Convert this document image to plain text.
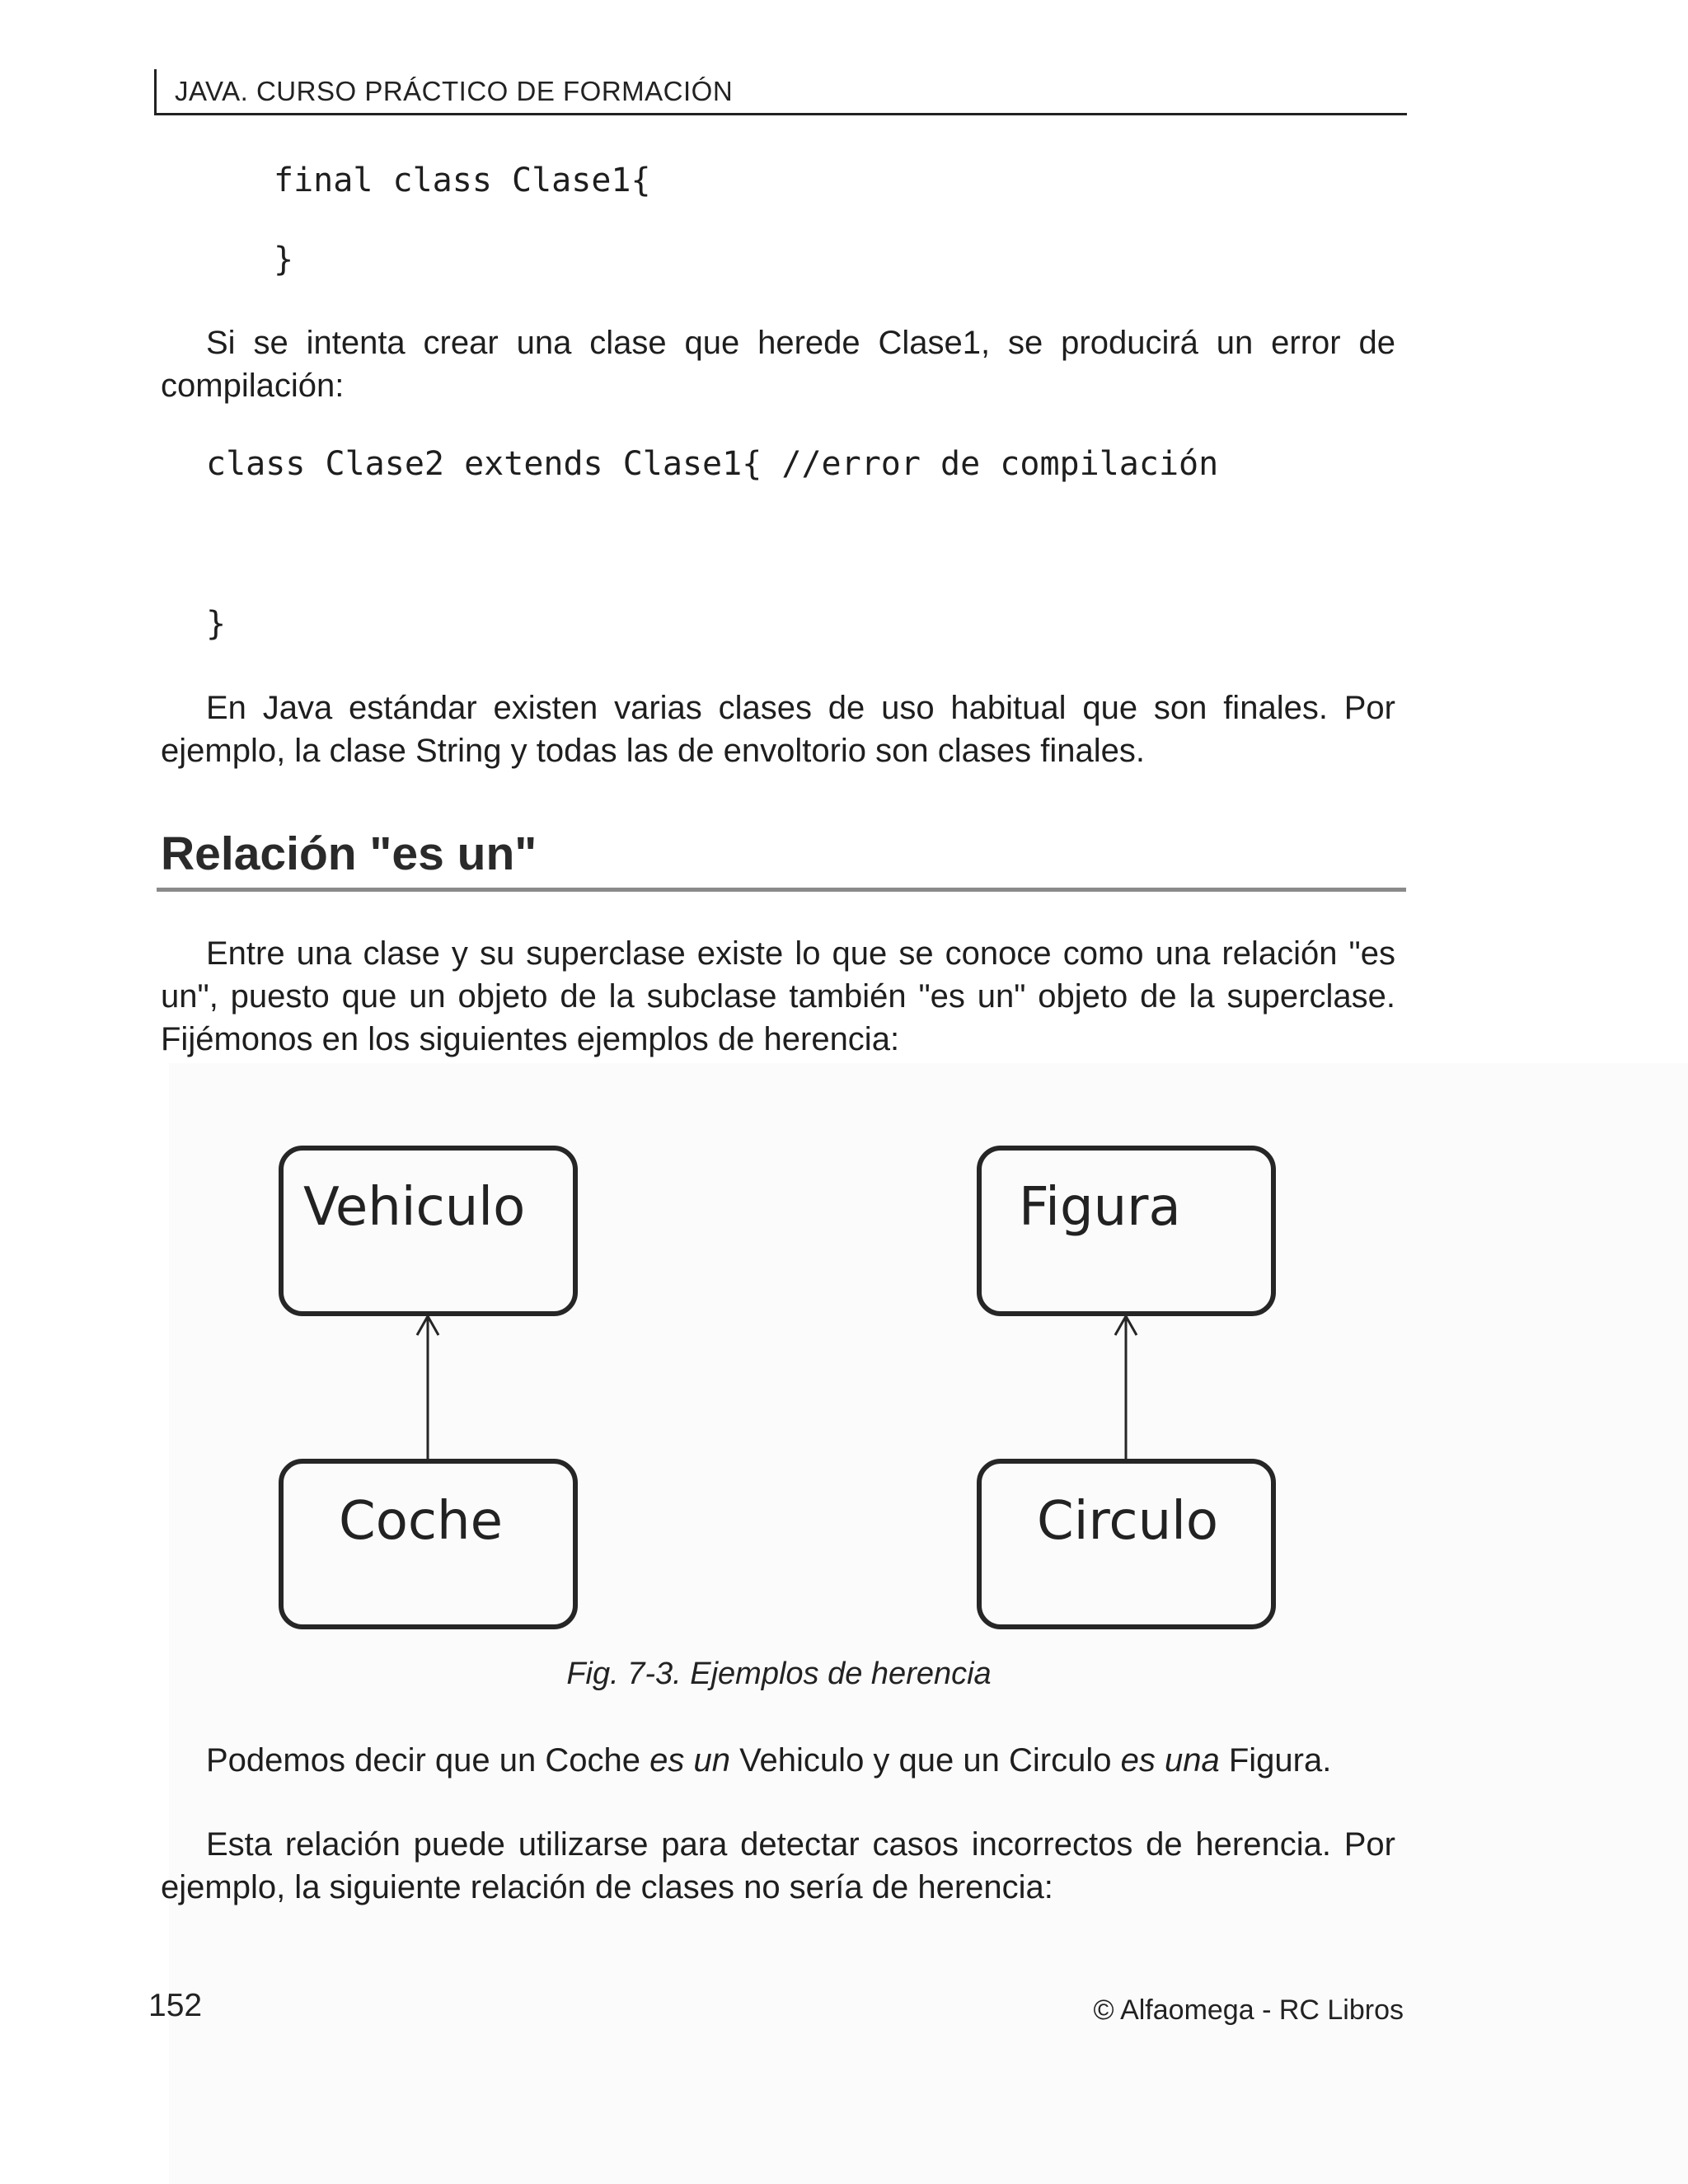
JAVA. CURSO PRÁCTICO DE FORMACIÓN
final class Clase1{
}
Si se intenta crear una clase que herede Clase1, se producirá un error de compilación:
class Clase2 extends Clase1{ //error de compilación
}
En Java estándar existen varias clases de uso habitual que son finales. Por ejemplo, la clase String y todas las de envoltorio son clases finales.
Relación "es un"
Entre una clase y su superclase existe lo que se conoce como una relación "es un", puesto que un objeto de la subclase también "es un" objeto de la superclase. Fijémonos en los siguientes ejemplos de herencia:
Vehiculo
Coche
Figura
Circulo
Fig. 7-3. Ejemplos de herencia
Podemos decir que un Coche es un Vehiculo y que un Circulo es una Figura.
Esta relación puede utilizarse para detectar casos incorrectos de herencia. Por ejemplo, la siguiente relación de clases no sería de herencia:
152	© Alfaomega - RC Libros
